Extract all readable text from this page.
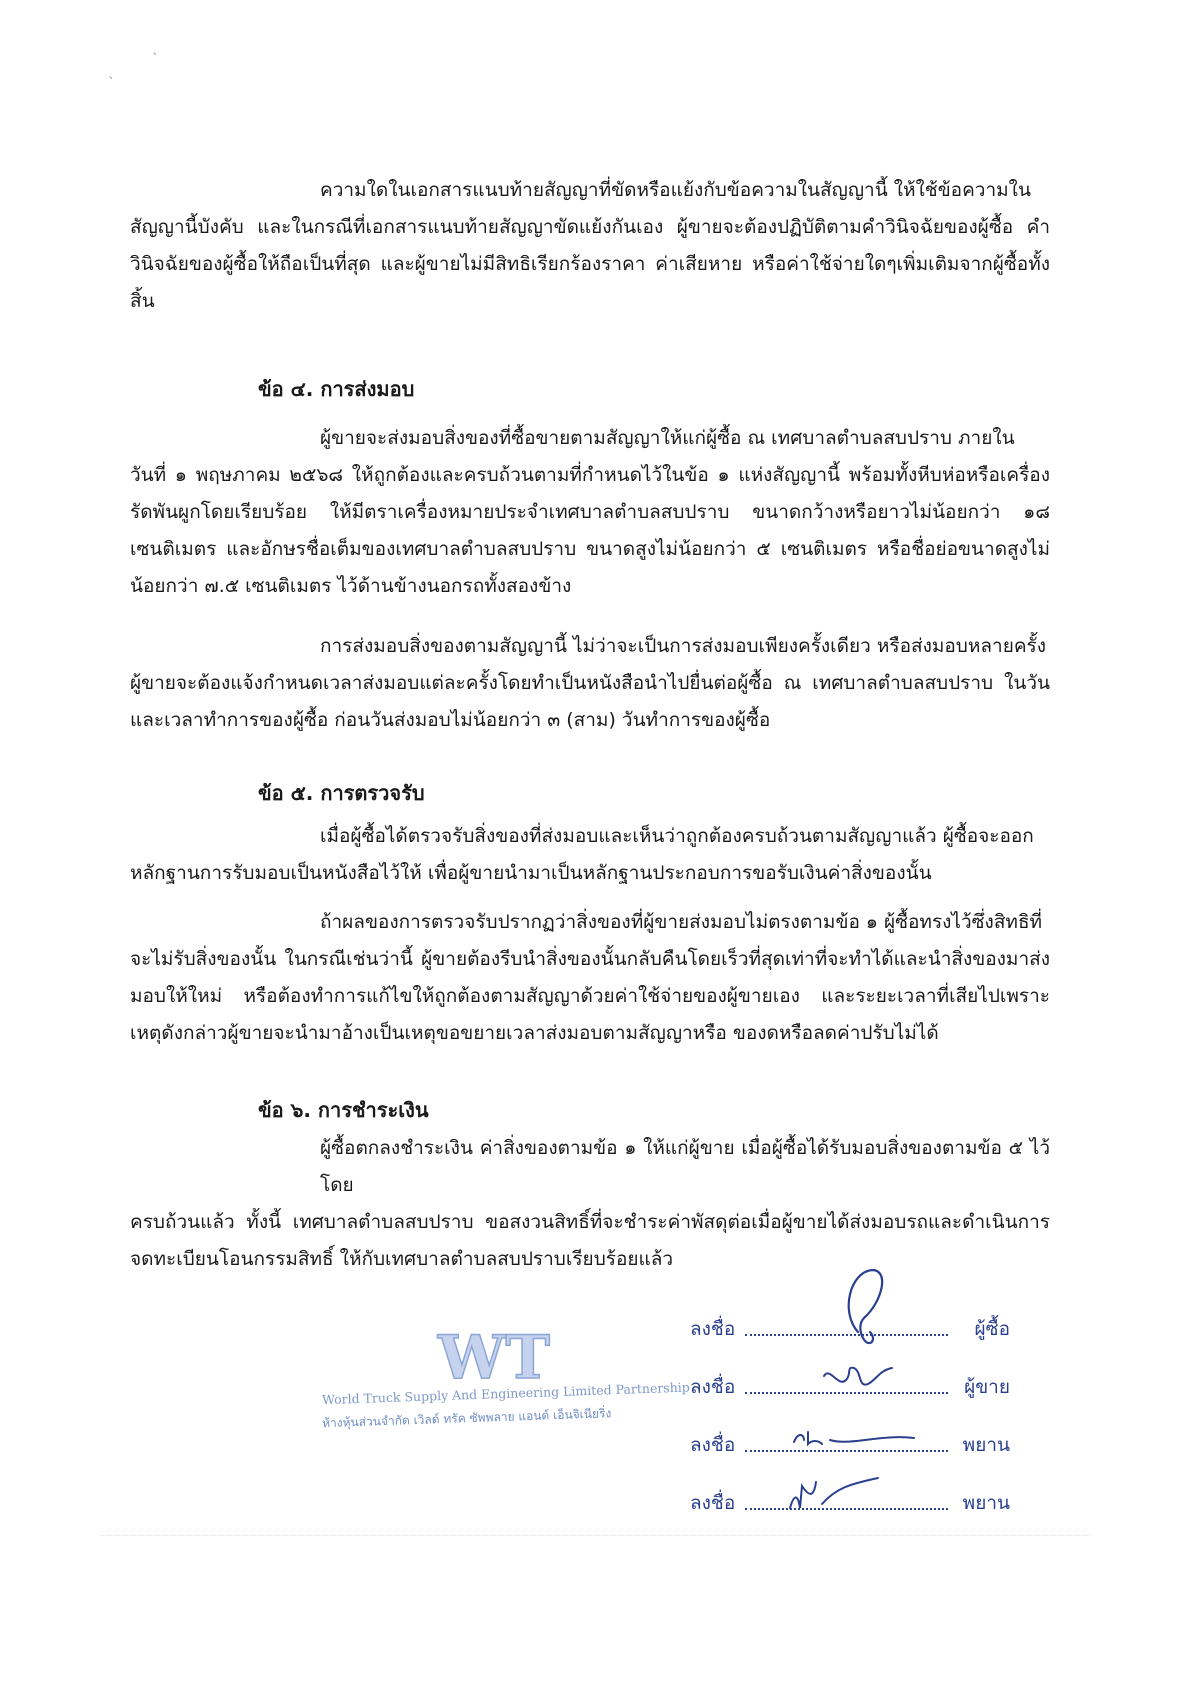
ˋ
ˋ
ความใดในเอกสารแนบท้ายสัญญาที่ขัดหรือแย้งกับข้อความในสัญญานี้ ให้ใช้ข้อความใน
สัญญานี้บังคับ และในกรณีที่เอกสารแนบท้ายสัญญาขัดแย้งกันเอง ผู้ขายจะต้องปฏิบัติตามคำวินิจฉัยของผู้ซื้อ คำวินิจฉัยของผู้ซื้อให้ถือเป็นที่สุด และผู้ขายไม่มีสิทธิเรียกร้องราคา ค่าเสียหาย หรือค่าใช้จ่ายใดๆเพิ่มเติมจากผู้ซื้อทั้งสิ้น
ข้อ ๔. การส่งมอบ
ผู้ขายจะส่งมอบสิ่งของที่ซื้อขายตามสัญญาให้แก่ผู้ซื้อ ณ เทศบาลตำบลสบปราบ ภายใน
วันที่ ๑ พฤษภาคม ๒๕๖๘ ให้ถูกต้องและครบถ้วนตามที่กำหนดไว้ในข้อ ๑ แห่งสัญญานี้ พร้อมทั้งหีบห่อหรือเครื่องรัดพันผูกโดยเรียบร้อย ให้มีตราเครื่องหมายประจำเทศบาลตำบลสบปราบ ขนาดกว้างหรือยาวไม่น้อยกว่า ๑๘ เซนติเมตร และอักษรชื่อเต็มของเทศบาลตำบลสบปราบ ขนาดสูงไม่น้อยกว่า ๕ เซนติเมตร หรือชื่อย่อขนาดสูงไม่น้อยกว่า ๗.๕ เซนติเมตร ไว้ด้านข้างนอกรถทั้งสองข้าง
การส่งมอบสิ่งของตามสัญญานี้ ไม่ว่าจะเป็นการส่งมอบเพียงครั้งเดียว หรือส่งมอบหลายครั้ง
ผู้ขายจะต้องแจ้งกำหนดเวลาส่งมอบแต่ละครั้งโดยทำเป็นหนังสือนำไปยื่นต่อผู้ซื้อ ณ เทศบาลตำบลสบปราบ ในวันและเวลาทำการของผู้ซื้อ ก่อนวันส่งมอบไม่น้อยกว่า ๓ (สาม) วันทำการของผู้ซื้อ
ข้อ ๕. การตรวจรับ
เมื่อผู้ซื้อได้ตรวจรับสิ่งของที่ส่งมอบและเห็นว่าถูกต้องครบถ้วนตามสัญญาแล้ว ผู้ซื้อจะออก
หลักฐานการรับมอบเป็นหนังสือไว้ให้ เพื่อผู้ขายนำมาเป็นหลักฐานประกอบการขอรับเงินค่าสิ่งของนั้น
ถ้าผลของการตรวจรับปรากฏว่าสิ่งของที่ผู้ขายส่งมอบไม่ตรงตามข้อ ๑ ผู้ซื้อทรงไว้ซึ่งสิทธิที่
จะไม่รับสิ่งของนั้น ในกรณีเช่นว่านี้ ผู้ขายต้องรีบนำสิ่งของนั้นกลับคืนโดยเร็วที่สุดเท่าที่จะทำได้และนำสิ่งของมาส่งมอบให้ใหม่ หรือต้องทำการแก้ไขให้ถูกต้องตามสัญญาด้วยค่าใช้จ่ายของผู้ขายเอง และระยะเวลาที่เสียไปเพราะเหตุดังกล่าวผู้ขายจะนำมาอ้างเป็นเหตุขอขยายเวลาส่งมอบตามสัญญาหรือ ของดหรือลดค่าปรับไม่ได้
ข้อ ๖. การชำระเงิน
ผู้ซื้อตกลงชำระเงิน ค่าสิ่งของตามข้อ ๑ ให้แก่ผู้ขาย เมื่อผู้ซื้อได้รับมอบสิ่งของตามข้อ ๕ ไว้โดย
ครบถ้วนแล้ว ทั้งนี้ เทศบาลตำบลสบปราบ ขอสงวนสิทธิ์ที่จะชำระค่าพัสดุต่อเมื่อผู้ขายได้ส่งมอบรถและดำเนินการจดทะเบียนโอนกรรมสิทธิ์ ให้กับเทศบาลตำบลสบปราบเรียบร้อยแล้ว
WT
World Truck Supply And Engineering Limited Partnership
ห้างหุ้นส่วนจำกัด เวิลด์ ทรัค ซัพพลาย แอนด์ เอ็นจิเนียริ่ง
ลงชื่อ	ผู้ซื้อ
ลงชื่อ	ผู้ขาย
ลงชื่อ	พยาน
ลงชื่อ	พยาน
